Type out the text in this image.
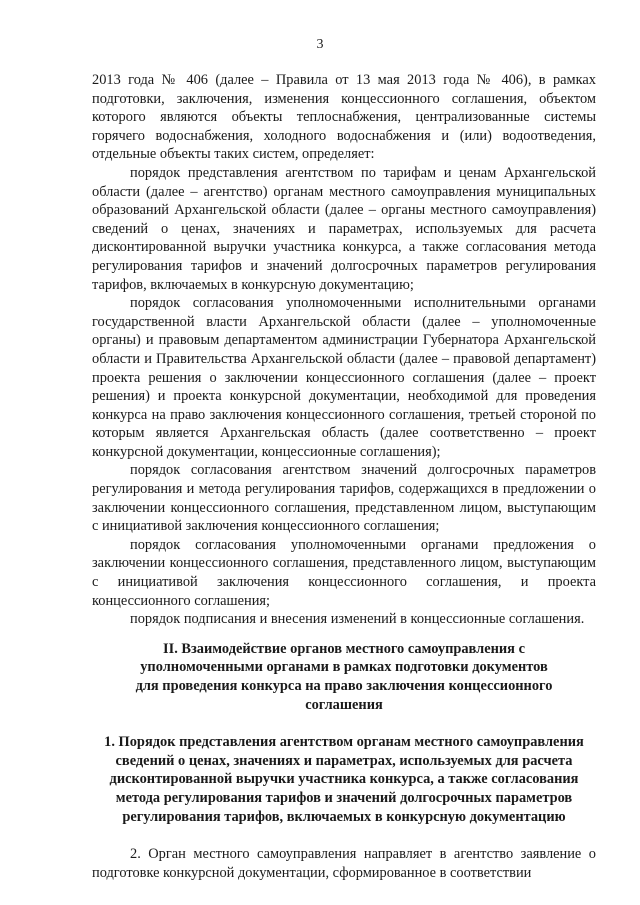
3

2013 года № 406 (далее – Правила от 13 мая 2013 года № 406), в рамках подготовки, заключения, изменения концессионного соглашения, объектом которого являются объекты теплоснабжения, централизованные системы горячего водоснабжения, холодного водоснабжения и (или) водоотведения, отдельные объекты таких систем, определяет:

порядок представления агентством по тарифам и ценам Архангельской области (далее – агентство) органам местного самоуправления муниципальных образований Архангельской области (далее – органы местного самоуправления) сведений о ценах, значениях и параметрах, используемых для расчета дисконтированной выручки участника конкурса, а также согласования метода регулирования тарифов и значений долгосрочных параметров регулирования тарифов, включаемых в конкурсную документацию;

порядок согласования уполномоченными исполнительными органами государственной власти Архангельской области (далее – уполномоченные органы) и правовым департаментом администрации Губернатора Архангельской области и Правительства Архангельской области (далее – правовой департамент) проекта решения о заключении концессионного соглашения (далее – проект решения) и проекта конкурсной документации, необходимой для проведения конкурса на право заключения концессионного соглашения, третьей стороной по которым является Архангельская область (далее соответственно – проект конкурсной документации, концессионные соглашения);

порядок согласования агентством значений долгосрочных параметров регулирования и метода регулирования тарифов, содержащихся в предложении о заключении концессионного соглашения, представленном лицом, выступающим с инициативой заключения концессионного соглашения;

порядок согласования уполномоченными органами предложения о заключении концессионного соглашения, представленного лицом, выступающим с инициативой заключения концессионного соглашения, и проекта концессионного соглашения;

порядок подписания и внесения изменений в концессионные соглашения.

II. Взаимодействие органов местного самоуправления с уполномоченными органами в рамках подготовки документов для проведения конкурса на право заключения концессионного соглашения
1. Порядок представления агентством органам местного самоуправления сведений о ценах, значениях и параметрах, используемых для расчета дисконтированной выручки участника конкурса, а также согласования метода регулирования тарифов и значений долгосрочных параметров регулирования тарифов, включаемых в конкурсную документацию

2. Орган местного самоуправления направляет в агентство заявление о подготовке конкурсной документации, сформированное в соответствии
